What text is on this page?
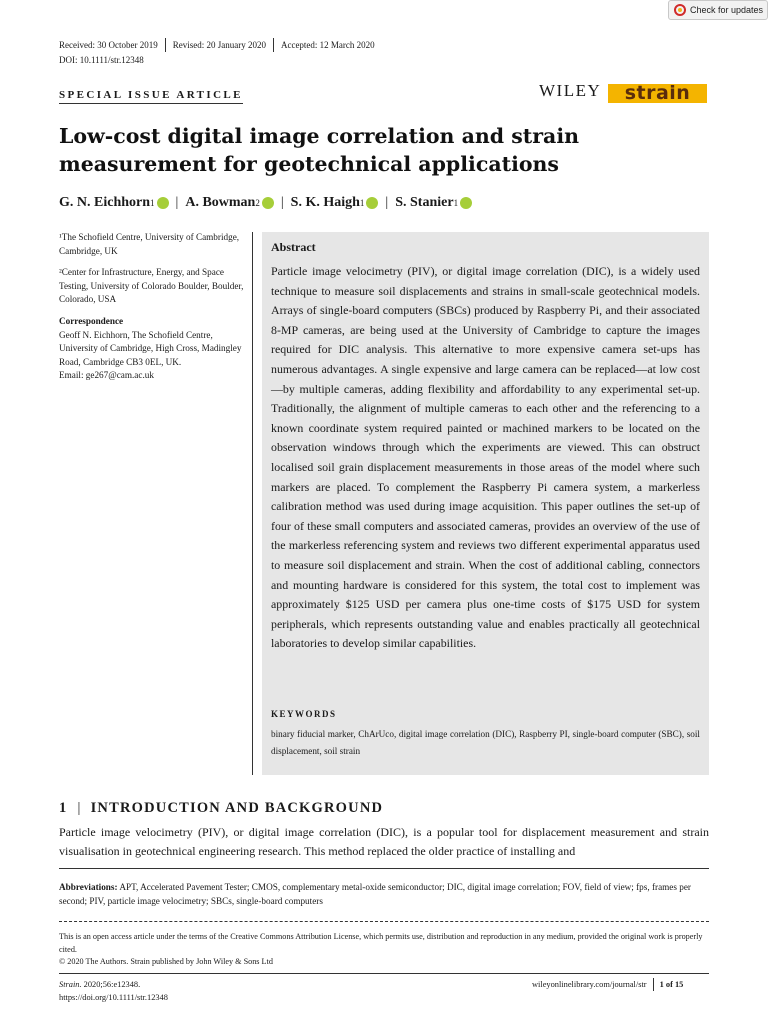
Check for updates
Received: 30 October 2019 Revised: 20 January 2020 Accepted: 12 March 2020
DOI: 10.1111/str.12348
SPECIAL ISSUE ARTICLE	WILEY	strain
Low-cost digital image correlation and strain measurement for geotechnical applications
G. N. Eichhorn 1 | A. Bowman 2 | S. K. Haigh 1 | S. Stanier 1

¹The Schofield Centre, University of Cambridge, Cambridge, UK

²Center for Infrastructure, Energy, and Space Testing, University of Colorado Boulder, Boulder, Colorado, USA

Correspondence

Geoff N. Eichhorn, The Schofield Centre, University of Cambridge, High Cross, Madingley Road, Cambridge CB3 0EL, UK.

Email: ge267@cam.ac.uk

Abstract

Particle image velocimetry (PIV), or digital image correlation (DIC), is a widely used technique to measure soil displacements and strains in small-scale geotechnical models. Arrays of single-board computers (SBCs) produced by Raspberry Pi, and their associated 8-MP cameras, are being used at the University of Cambridge to capture the images required for DIC analysis. This alternative to more expensive camera set-ups has numerous advantages. A single expensive and large camera can be replaced—at low cost—by multiple cameras, adding flexibility and affordability to any experimental set-up. Traditionally, the alignment of multiple cameras to each other and the referencing to a known coordinate system required painted or machined markers to be located on the observation windows through which the experiments are viewed. This can obstruct localised soil grain displacement measurements in those areas of the model where such markers are placed. To complement the Raspberry Pi camera system, a markerless calibration method was used during image acquisition. This paper outlines the set-up of four of these small computers and associated cameras, provides an overview of the use of the markerless referencing system and reviews two different experimental apparatus used to measure soil displacement and strain. When the cost of additional cabling, connectors and mounting hardware is considered for this system, the total cost to implement was approximately $125 USD per camera plus one-time costs of $175 USD for system peripherals, which represents outstanding value and enables practically all geotechnical laboratories to develop similar capabilities.

KEYWORDS

binary fiducial marker, ChArUco, digital image correlation (DIC), Raspberry PI, single-board computer (SBC), soil displacement, soil strain

1 | INTRODUCTION AND BACKGROUND

Particle image velocimetry (PIV), or digital image correlation (DIC), is a popular tool for displacement measurement and strain visualisation in geotechnical engineering research. This method replaced the older practice of installing and

Abbreviations: APT, Accelerated Pavement Tester; CMOS, complementary metal-oxide semiconductor; DIC, digital image correlation; FOV, field of view; fps, frames per second; PIV, particle image velocimetry; SBCs, single-board computers

This is an open access article under the terms of the Creative Commons Attribution License, which permits use, distribution and reproduction in any medium, provided the original work is properly cited.

© 2020 The Authors. Strain published by John Wiley & Sons Ltd

Strain. 2020;56:e12348.
https://doi.org/10.1111/str.12348
wileyonlinelibrary.com/journal/str 1 of 15
